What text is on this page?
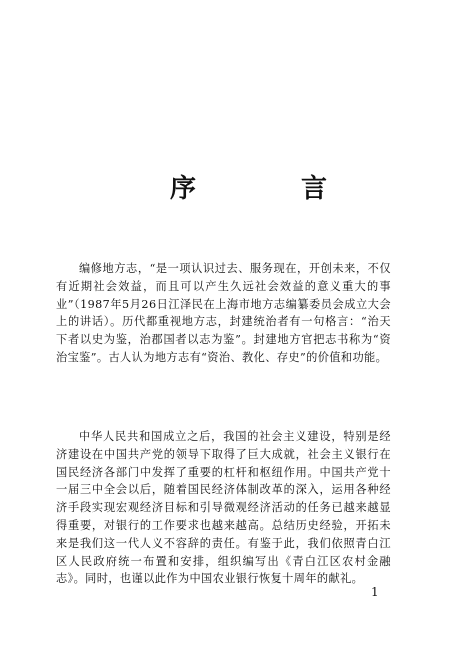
序 言

编修地方志，“是一项认识过去、服务现在，开创未来，不仅有近期社会效益，而且可以产生久远社会效益的意义重大的事业”（1987年5月26日江泽民在上海市地方志编纂委员会成立大会上的讲话）。历代都重视地方志，封建统治者有一句格言：“治天下者以史为鉴，治郡国者以志为鉴”。封建地方官把志书称为“资治宝鉴”。古人认为地方志有“资治、教化、存史”的价值和功能。

中华人民共和国成立之后，我国的社会主义建设，特别是经济建设在中国共产党的领导下取得了巨大成就，社会主义银行在国民经济各部门中发挥了重要的杠杆和枢纽作用。中国共产党十一届三中全会以后，随着国民经济体制改革的深入，运用各种经济手段实现宏观经济目标和引导微观经济活动的任务已越来越显得重要，对银行的工作要求也越来越高。总结历史经验，开拓未来是我们这一代人义不容辞的责任。有鉴于此，我们依照青白江区人民政府统一布置和安排，组织编写出《青白江区农村金融志》。同时，也谨以此作为中国农业银行恢复十周年的献礼。

1
